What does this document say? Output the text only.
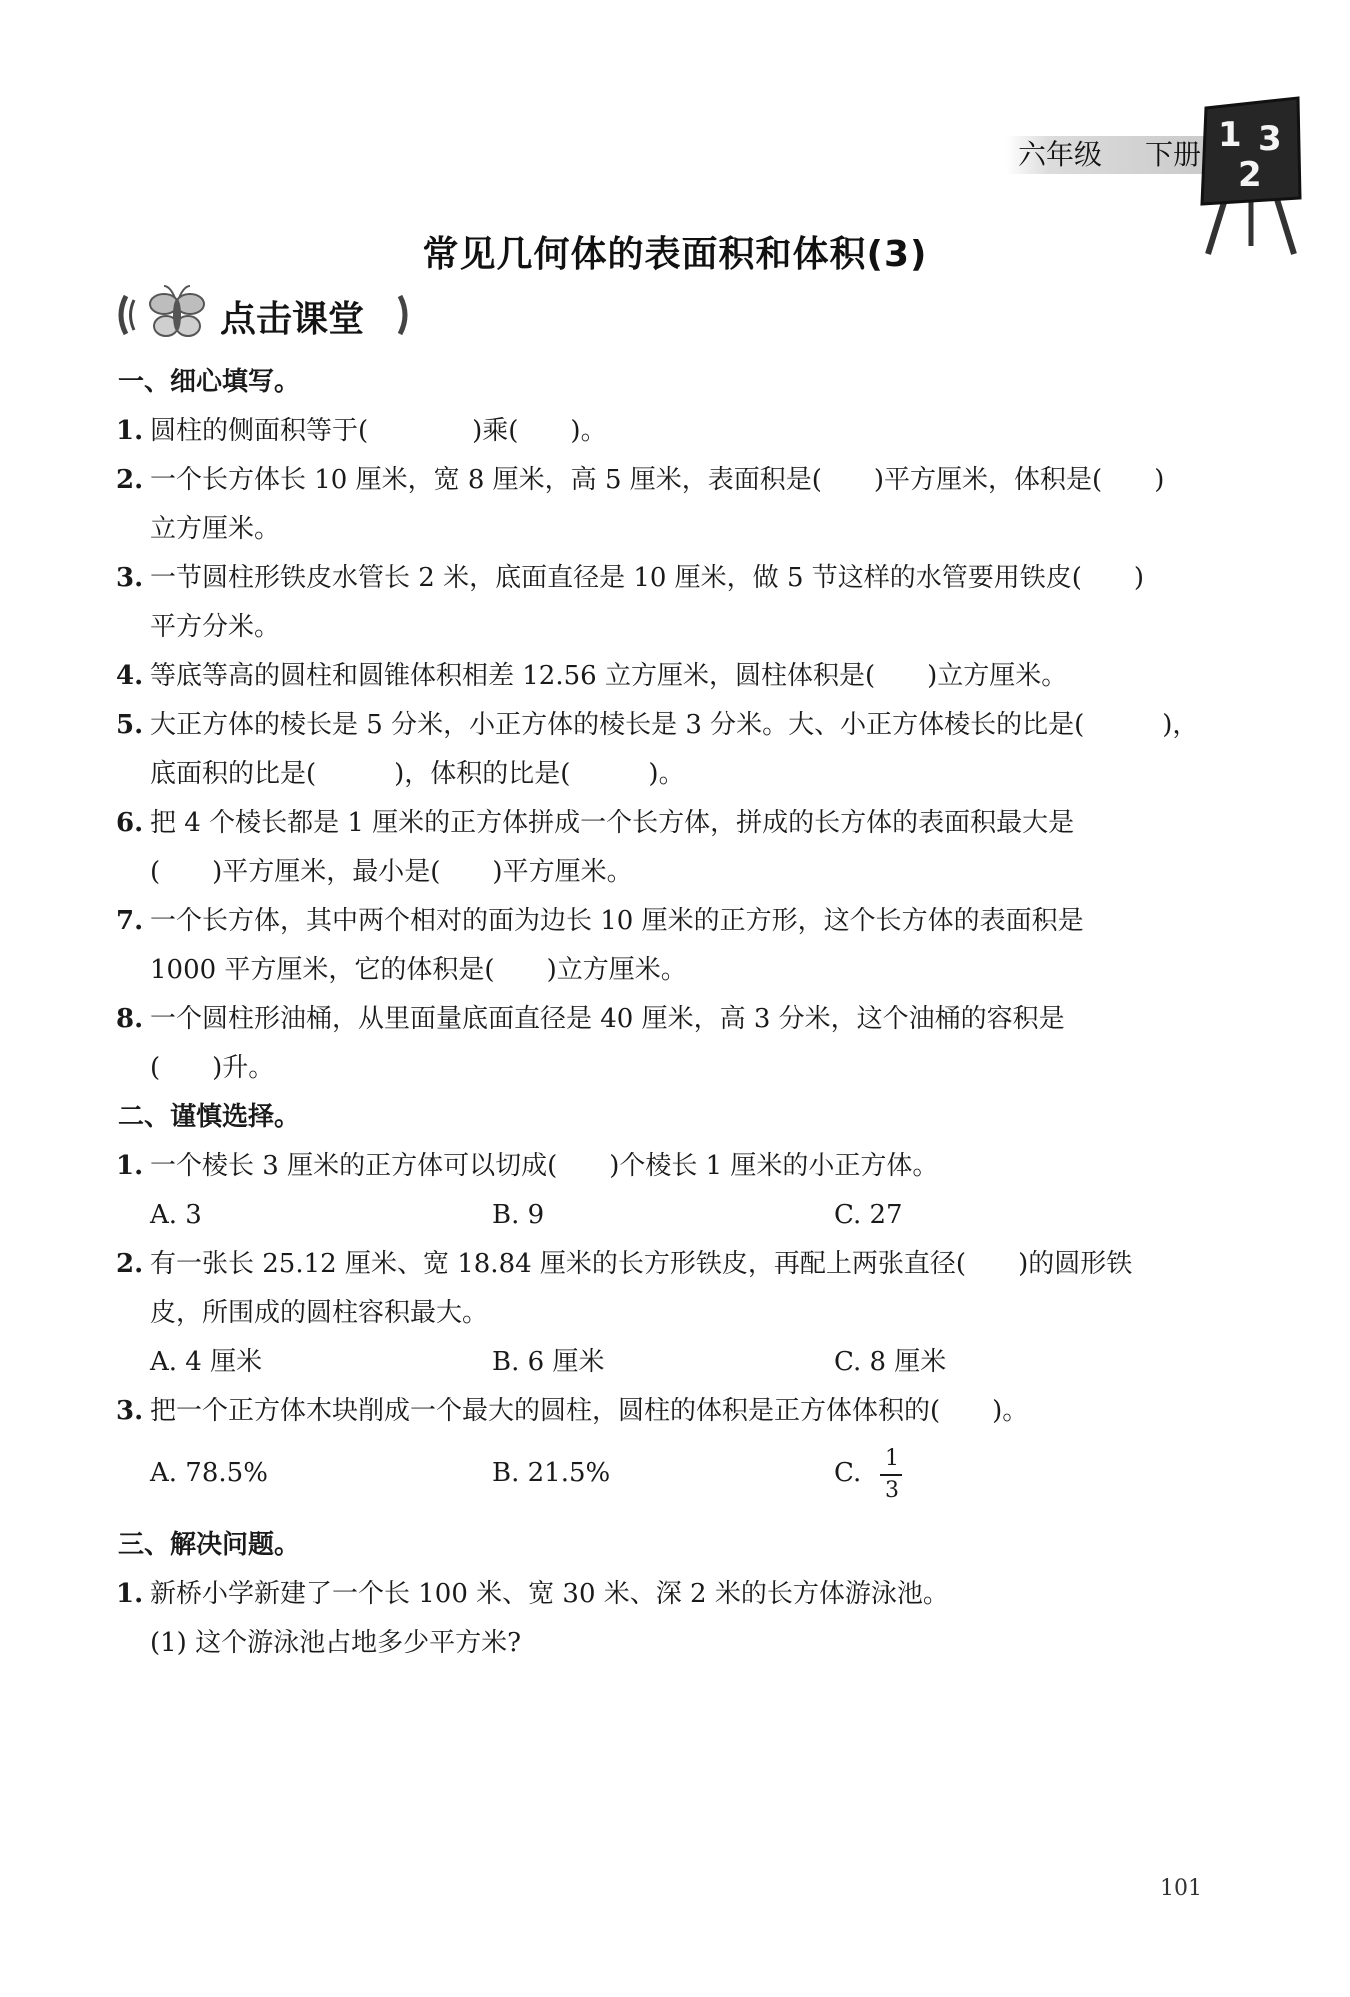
六年级 下册 1 3
2
常见几何体的表面积和体积(3)
点击课堂
一、细心填写。
1. 圆柱的侧面积等于(　　　　)乘(　　)。
2. 一个长方体长 10 厘米，宽 8 厘米，高 5 厘米，表面积是(　　)平方厘米，体积是(　　)
立方厘米。
3. 一节圆柱形铁皮水管长 2 米，底面直径是 10 厘米，做 5 节这样的水管要用铁皮(　　)
平方分米。
4. 等底等高的圆柱和圆锥体积相差 12.56 立方厘米，圆柱体积是(　　)立方厘米。
5. 大正方体的棱长是 5 分米，小正方体的棱长是 3 分米。大、小正方体棱长的比是(　　　)，
底面积的比是(　　　)，体积的比是(　　　)。
6. 把 4 个棱长都是 1 厘米的正方体拼成一个长方体，拼成的长方体的表面积最大是
(　　)平方厘米，最小是(　　)平方厘米。
7. 一个长方体，其中两个相对的面为边长 10 厘米的正方形，这个长方体的表面积是
1000 平方厘米，它的体积是(　　)立方厘米。
8. 一个圆柱形油桶，从里面量底面直径是 40 厘米，高 3 分米，这个油桶的容积是
(　　)升。
二、谨慎选择。
1. 一个棱长 3 厘米的正方体可以切成(　　)个棱长 1 厘米的小正方体。
A. 3	B. 9	C. 27
2. 有一张长 25.12 厘米、宽 18.84 厘米的长方形铁皮，再配上两张直径(　　)的圆形铁
皮，所围成的圆柱容积最大。
A. 4 厘米	B. 6 厘米	C. 8 厘米
3. 把一个正方体木块削成一个最大的圆柱，圆柱的体积是正方体体积的(　　)。
A. 78.5%	B. 21.5%	C. 1
3
三、解决问题。
1. 新桥小学新建了一个长 100 米、宽 30 米、深 2 米的长方体游泳池。
(1) 这个游泳池占地多少平方米?
101
